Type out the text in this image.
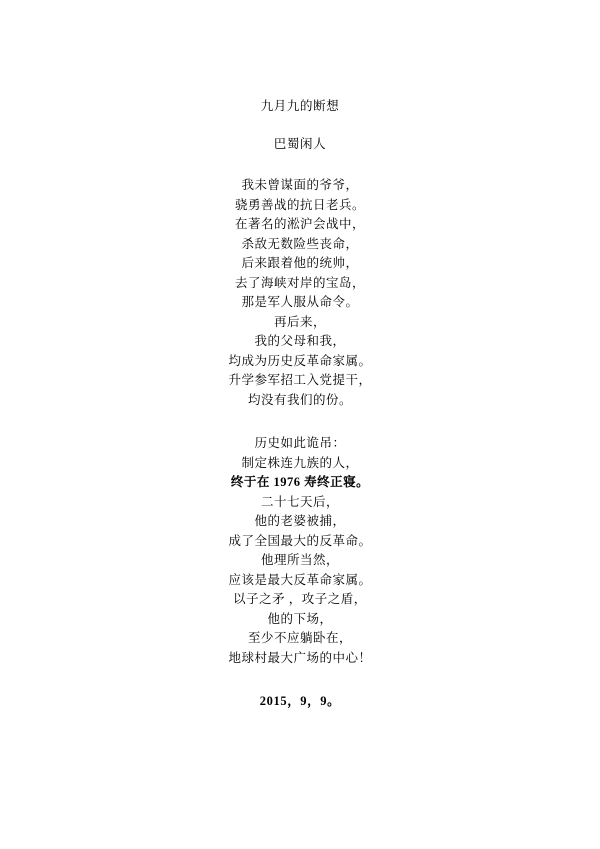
九月九的断想
巴蜀闲人
我未曾谋面的爷爷，
骁勇善战的抗日老兵。
在著名的淞沪会战中，
杀敌无数险些丧命，
后来跟着他的统帅，
去了海峡对岸的宝岛，
那是军人服从命令。
再后来，
我的父母和我，
均成为历史反革命家属。
升学参军招工入党提干，
均没有我们的份。
历史如此诡吊：
制定株连九族的人，
终于在 1976 寿终正寝。
二十七天后，
他的老婆被捕，
成了全国最大的反革命。
他理所当然，
应该是最大反革命家属。
以子之矛 ，攻子之盾，
他的下场，
至少不应躺卧在，
地球村最大广场的中心！
2015，9，9。
